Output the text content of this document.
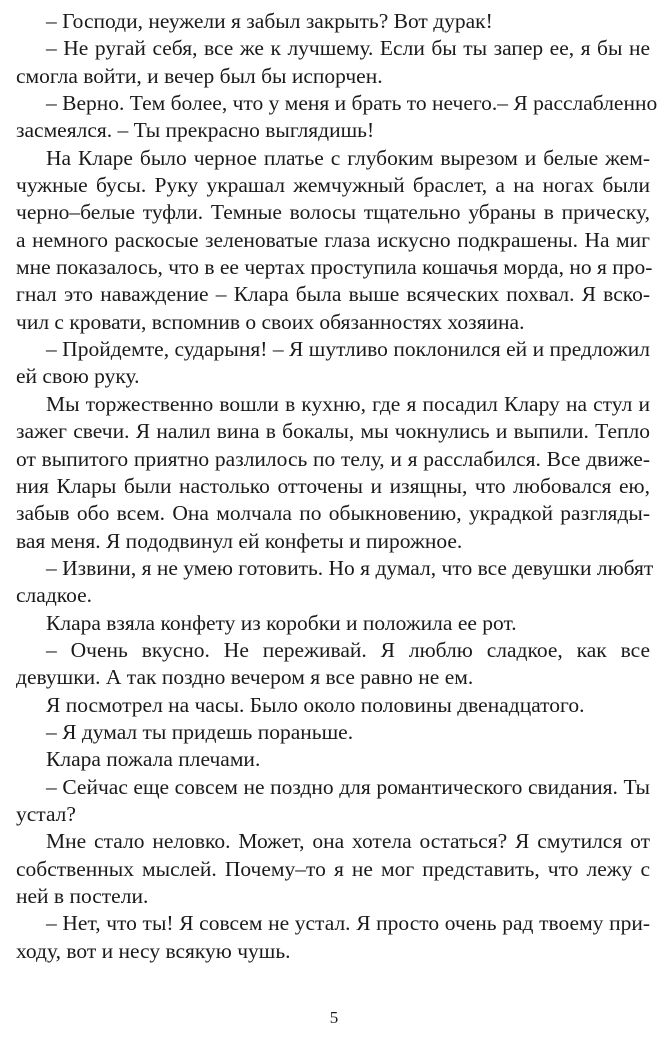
– Господи, неужели я забыл закрыть? Вот дурак!
– Не ругай себя, все же к лучшему. Если бы ты запер ее, я бы не
смогла войти, и вечер был бы испорчен.
– Верно. Тем более, что у меня и брать то нечего.– Я расслабленно
засмеялся. – Ты прекрасно выглядишь!
На Кларе было черное платье с глубоким вырезом и белые жем-
чужные бусы. Руку украшал жемчужный браслет, а на ногах были
черно–белые туфли. Темные волосы тщательно убраны в прическу,
а немного раскосые зеленоватые глаза искусно подкрашены. На миг
мне показалось, что в ее чертах проступила кошачья морда, но я про-
гнал это наваждение – Клара была выше всяческих похвал. Я вско-
чил с кровати, вспомнив о своих обязанностях хозяина.
– Пройдемте, сударыня! – Я шутливо поклонился ей и предложил
ей свою руку.
Мы торжественно вошли в кухню, где я посадил Клару на стул и
зажег свечи. Я налил вина в бокалы, мы чокнулись и выпили. Тепло
от выпитого приятно разлилось по телу, и я расслабился. Все движе-
ния Клары были настолько отточены и изящны, что любовался ею,
забыв обо всем. Она молчала по обыкновению, украдкой разгляды-
вая меня. Я пододвинул ей конфеты и пирожное.
– Извини, я не умею готовить. Но я думал, что все девушки любят
сладкое.
Клара взяла конфету из коробки и положила ее рот.
– Очень вкусно. Не переживай. Я люблю сладкое, как все
девушки. А так поздно вечером я все равно не ем.
Я посмотрел на часы. Было около половины двенадцатого.
– Я думал ты придешь пораньше.
Клара пожала плечами.
– Сейчас еще совсем не поздно для романтического свидания. Ты
устал?
Мне стало неловко. Может, она хотела остаться? Я смутился от
собственных мыслей. Почему–то я не мог представить, что лежу с
ней в постели.
– Нет, что ты! Я совсем не устал. Я просто очень рад твоему при-
ходу, вот и несу всякую чушь.
5
